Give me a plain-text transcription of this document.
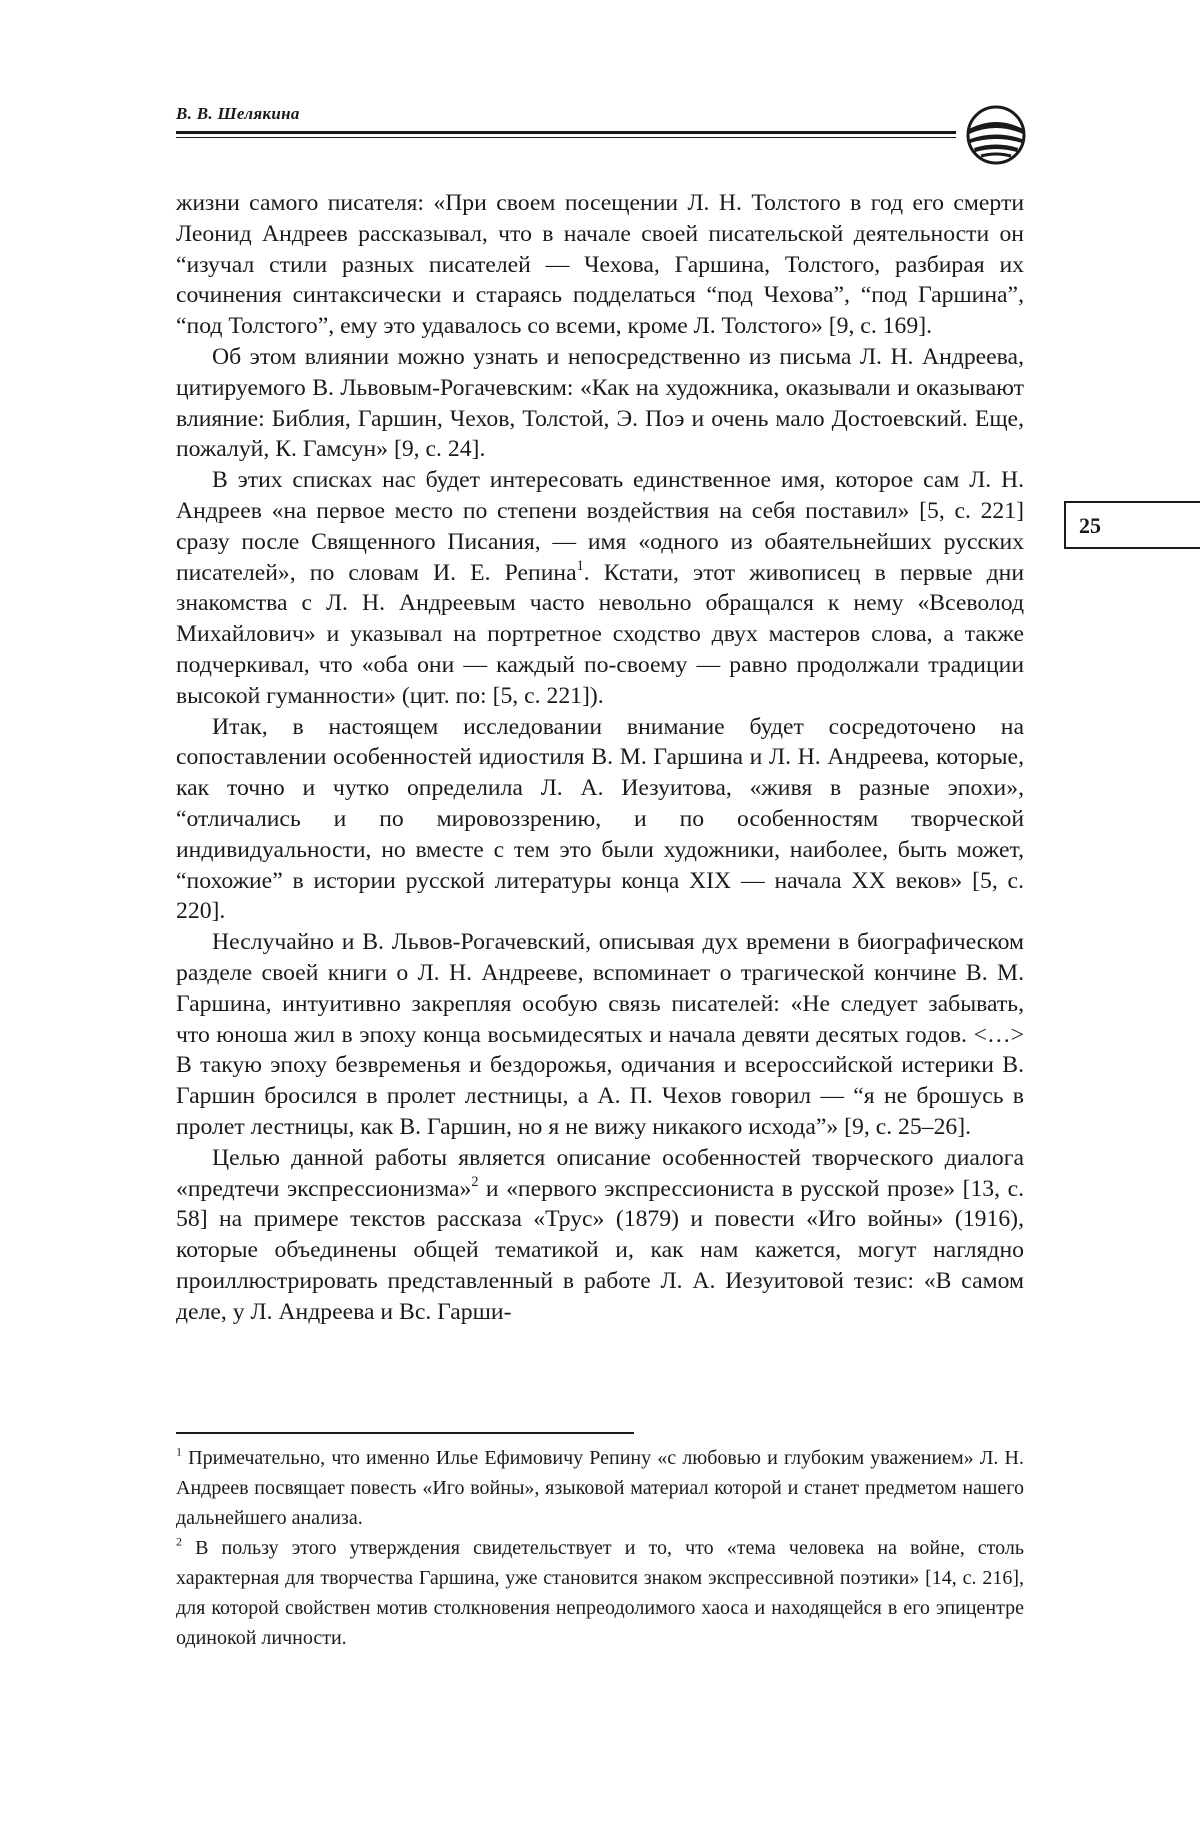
В. В. Шелякина
25

жизни самого писателя: «При своем посещении Л. Н. Толстого в год его смерти Леонид Андреев рассказывал, что в начале своей писательской деятельности он “изучал стили разных писателей — Чехова, Гаршина, Толстого, разбирая их сочинения синтаксически и стараясь подделаться “под Чехова”, “под Гаршина”, “под Толстого”, ему это удавалось со всеми, кроме Л. Толстого» [9, с. 169].

Об этом влиянии можно узнать и непосредственно из письма Л. Н. Андреева, цитируемого В. Львовым-Рогачевским: «Как на художника, оказывали и оказывают влияние: Библия, Гаршин, Чехов, Толстой, Э. Поэ и очень мало Достоевский. Еще, пожалуй, К. Гамсун» [9, с. 24].

В этих списках нас будет интересовать единственное имя, которое сам Л. Н. Андреев «на первое место по степени воздействия на себя поставил» [5, с. 221] сразу после Священного Писания, — имя «одного из обаятельнейших русских писателей», по словам И. Е. Репина$^1$. Кстати, этот живописец в первые дни знакомства с Л. Н. Андреевым часто невольно обращался к нему «Всеволод Михайлович» и указывал на портретное сходство двух мастеров слова, а также подчеркивал, что «оба они — каждый по-своему — равно продолжали традиции высокой гуманности» (цит. по: [5, с. 221]).

Итак, в настоящем исследовании внимание будет сосредоточено на сопоставлении особенностей идиостиля В. М. Гаршина и Л. Н. Андреева, которые, как точно и чутко определила Л. А. Иезуитова, «живя в разные эпохи», “отличались и по мировоззрению, и по особенностям творческой индивидуальности, но вместе с тем это были художники, наиболее, быть может, “похожие” в истории русской литературы конца XIX — начала XX веков» [5, с. 220].

Неслучайно и В. Львов-Рогачевский, описывая дух времени в биографическом разделе своей книги о Л. Н. Андрееве, вспоминает о трагической кончине В. М. Гаршина, интуитивно закрепляя особую связь писателей: «Не следует забывать, что юноша жил в эпоху конца восьмидесятых и начала девяти десятых годов. <…> В такую эпоху безвременья и бездорожья, одичания и всероссийской истерики В. Гаршин бросился в пролет лестницы, а А. П. Чехов говорил — “я не брошусь в пролет лестницы, как В. Гаршин, но я не вижу никакого исхода”» [9, с. 25–26].

Целью данной работы является описание особенностей творческого диалога «предтечи экспрессионизма»$^2$ и «первого экспрессиониста в русской прозе» [13, с. 58] на примере текстов рассказа «Трус» (1879) и повести «Иго войны» (1916), которые объединены общей тематикой и, как нам кажется, могут наглядно проиллюстрировать представленный в работе Л. А. Иезуитовой тезис: «В самом деле, у Л. Андреева и Вс. Гарши-

$^1$ Примечательно, что именно Илье Ефимовичу Репину «с любовью и глубоким уважением» Л. Н. Андреев посвящает повесть «Иго войны», языковой материал которой и станет предметом нашего дальнейшего анализа.

$^2$ В пользу этого утверждения свидетельствует и то, что «тема человека на войне, столь характерная для творчества Гаршина, уже становится знаком экспрессивной поэтики» [14, с. 216], для которой свойствен мотив столкновения непреодолимого хаоса и находящейся в его эпицентре одинокой личности.
